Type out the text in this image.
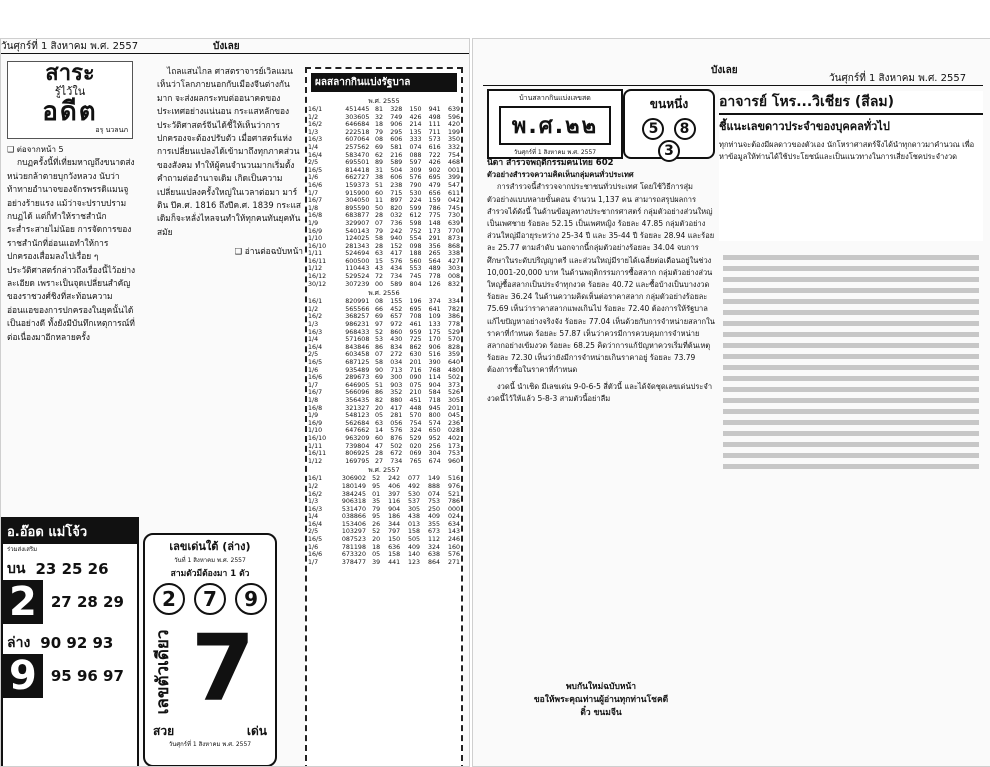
วันศุกร์ที่ 1 สิงหาคม พ.ศ. 2557	บังเลย
สาระ
รู้ไว้ใน
อดีต
อรุ นวลนภ
❑ ต่อจากหน้า 5

กบฏครั้งนี้ที่เที่ยมหาญถึงขนาดส่งหน่วยกล้าตายบุกวังหลวง นับว่าท้าทายอำนาจของจักรพรรดิแมนจูอย่างร้ายแรง แม้ว่าจะปราบปรามกบฏได้ แต่ก็ทำให้ราชสำนักระส่ำระสายไม่น้อย การจัดการของราชสำนักที่อ่อนแอทำให้การปกครองเสื่อมลงไปเรื่อย ๆ ประวัติศาสตร์กล่าวถึงเรื่องนี้ไว้อย่างละเอียด เพราะเป็นจุดเปลี่ยนสำคัญของราชวงศ์ชิงที่สะท้อนความอ่อนแอของการปกครองในยุคนั้นได้เป็นอย่างดี ทั้งยังมีบันทึกเหตุการณ์ที่ต่อเนื่องมาอีกหลายครั้ง

ไถลแสนไกล ศาสตราจารย์เวิลแมนเห็นว่าโลกภายนอกกับเมืองจีนต่างกันมาก จะส่งผลกระทบต่ออนาคตของประเทศอย่างแน่นอน กระแสหลักของประวัติศาสตร์จีนได้ชี้ให้เห็นว่าการปกครองจะต้องปรับตัว เมื่อศาสตร์แห่งการเปลี่ยนแปลงได้เข้ามาถึงทุกภาคส่วนของสังคม ทำให้ผู้คนจำนวนมากเริ่มตั้งคำถามต่ออำนาจเดิม เกิดเป็นความเปลี่ยนแปลงครั้งใหญ่ในเวลาต่อมา มาร์ติน ปีค.ศ. 1816 ถึงปีค.ศ. 1839 กระแสเดิมก็จะหลั่งไหลจนทำให้ทุกคนทันยุคทันสมัย

❑ อ่านต่อฉบับหน้า
ผลสลากกินแบ่งรัฐบาล
พ.ศ. 2555
16/1	451445	81	328	150	941	639
1/2	303605	32	749	426	498	596
16/2	646684	18	906	214	111	420
1/3	222518	79	295	135	711	199
16/3	607064	08	606	333	573	350
1/4	257562	69	581	074	616	332
16/4	583470	62	216	088	722	754
2/5	695501	89	589	597	426	468
16/5	814418	31	504	309	902	001
1/6	662727	38	606	576	695	399
16/6	159373	51	238	790	479	547
1/7	915900	60	715	530	656	611
16/7	304050	11	897	224	159	042
1/8	895590	50	820	599	786	745
16/8	683877	28	032	612	775	730
1/9	329907	07	736	598	148	639
16/9	540143	79	242	752	173	770
1/10	124025	58	940	554	291	873
16/10	281343	28	152	098	356	868
1/11	524694	63	417	188	265	338
16/11	600500	15	576	560	564	427
1/12	110443	43	434	553	489	303
16/12	529524	72	734	745	778	008
30/12	307239	00	589	804	126	832
พ.ศ. 2556
16/1	820991	08	155	196	374	334
1/2	565566	66	452	695	641	782
16/2	368257	69	657	708	109	386
1/3	986231	97	972	461	133	778
16/3	968433	52	860	959	175	529
1/4	571608	53	430	725	170	570
16/4	843846	86	834	862	906	828
2/5	603458	07	272	630	516	359
16/5	687125	58	034	201	390	640
1/6	935489	90	713	716	768	480
16/6	289673	69	300	090	114	502
1/7	646905	51	903	075	904	373
16/7	566096	86	352	210	584	526
1/8	356435	82	880	451	718	305
16/8	321327	20	417	448	945	201
1/9	548123	05	281	570	800	045
16/9	562684	63	056	754	574	236
1/10	647662	14	576	324	650	028
16/10	963209	60	876	529	952	402
1/11	739804	47	502	020	256	173
16/11	806925	28	672	069	304	753
1/12	169795	27	734	765	674	960
พ.ศ. 2557
16/1	306902	52	242	077	149	516
1/2	180149	95	406	492	888	976
16/2	384245	01	397	530	074	521
1/3	906318	35	116	537	753	786
16/3	531470	79	904	305	250	000
1/4	038866	95	186	438	409	024
16/4	153406	26	344	013	355	634
2/5	103297	52	797	158	673	143
16/5	087523	20	150	505	112	246
1/6	781198	18	636	409	324	160
16/6	673320	05	158	140	638	576
1/7	378477	39	441	123	864	271
อ.อ๊อด แม่โจ้ว
ร่วมส่งเสริม
บน 23 25 26
2 27 28 29
ล่าง 90 92 93
9 95 96 97
เลขเด่นใต้ (ล่าง)
วันที่ 1 สิงหาคม พ.ศ. 2557
สามตัวมีต้องมา 1 ตัว
2 7 9
เลขตัวเดียว 7
สวย	เด่น
วันศุกร์ที่ 1 สิงหาคม พ.ศ. 2557
บังเลย
วันศุกร์ที่ 1 สิงหาคม พ.ศ. 2557
บ้านสลากกินแบ่งเลขสด
พ.ศ.๒๒
วันศุกร์ที่ 1 สิงหาคม พ.ศ. 2557
ขนหนึ่ง
5 8 3
อาจารย์ โหร...วิเชียร (สีลม)
ชี้แนะเลขดาวประจำของบุคคลทั่วไป
ทุกท่านจะต้องมีผลดาวของตัวเอง นักโหราศาสตร์จึงได้นำทุกดาวมาคำนวณ เพื่อหาข้อมูลให้ท่านได้ใช้ประโยชน์และเป็นแนวทางในการเสี่ยงโชคประจำงวด
นิดา สำรวจพฤติกรรมคนไทย 602
ตัวอย่างสำรวจความคิดเห็นกลุ่มคนทั่วประเทศ

การสำรวจนี้สำรวจจากประชาชนทั่วประเทศ โดยใช้วิธีการสุ่มตัวอย่างแบบหลายขั้นตอน จำนวน 1,137 คน สามารถสรุปผลการสำรวจได้ดังนี้ ในด้านข้อมูลทางประชากรศาสตร์ กลุ่มตัวอย่างส่วนใหญ่เป็นเพศชาย ร้อยละ 52.15 เป็นเพศหญิง ร้อยละ 47.85 กลุ่มตัวอย่างส่วนใหญ่มีอายุระหว่าง 25-34 ปี และ 35-44 ปี ร้อยละ 28.94 และร้อยละ 25.77 ตามลำดับ นอกจากนี้กลุ่มตัวอย่างร้อยละ 34.04 จบการศึกษาในระดับปริญญาตรี และส่วนใหญ่มีรายได้เฉลี่ยต่อเดือนอยู่ในช่วง 10,001-20,000 บาท ในด้านพฤติกรรมการซื้อสลาก กลุ่มตัวอย่างส่วนใหญ่ซื้อสลากเป็นประจำทุกงวด ร้อยละ 40.72 และซื้อบ้างเป็นบางงวด ร้อยละ 36.24 ในด้านความคิดเห็นต่อราคาสลาก กลุ่มตัวอย่างร้อยละ 75.69 เห็นว่าราคาสลากแพงเกินไป ร้อยละ 72.40 ต้องการให้รัฐบาลแก้ไขปัญหาอย่างจริงจัง ร้อยละ 77.04 เห็นด้วยกับการจำหน่ายสลากในราคาที่กำหนด ร้อยละ 57.87 เห็นว่าควรมีการควบคุมการจำหน่ายสลากอย่างเข้มงวด ร้อยละ 68.25 คิดว่าการแก้ปัญหาควรเริ่มที่ต้นเหตุ ร้อยละ 72.30 เห็นว่ายังมีการจำหน่ายเกินราคาอยู่ ร้อยละ 73.79 ต้องการซื้อในราคาที่กำหนด

งวดนี้ นำเชิด มีเลขเด่น 9-0-6-5 สี่ตัวนี้ และได้จัดชุดเลขเด่นประจำงวดนี้ไว้ให้แล้ว 5-8-3 สามตัวนี้อย่าลืม

พบกันใหม่ฉบับหน้า
ขอให้พระคุณท่านผู้อ่านทุกท่านโชคดี
ติ๋ว ขนมจีน
